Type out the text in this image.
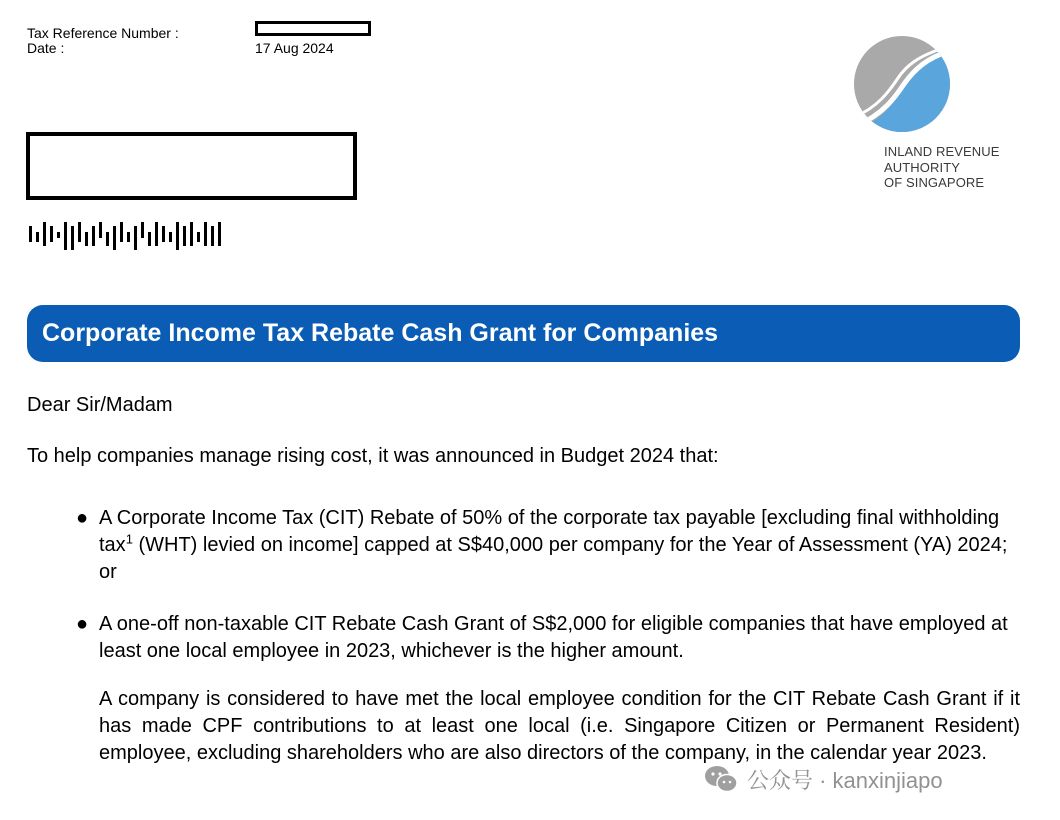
Tax Reference Number :
Date :	17 Aug 2024
INLAND REVENUE
AUTHORITY
OF SINGAPORE
Corporate Income Tax Rebate Cash Grant for Companies
Dear Sir/Madam
To help companies manage rising cost, it was announced in Budget 2024 that:
● A Corporate Income Tax (CIT) Rebate of 50% of the corporate tax payable [excluding final withholding tax$^1$ (WHT) levied on income] capped at S$40,000 per company for the Year of Assessment (YA) 2024; or
● A one-off non-taxable CIT Rebate Cash Grant of S$2,000 for eligible companies that have employed at least one local employee in 2023, whichever is the higher amount.
A company is considered to have met the local employee condition for the CIT Rebate Cash Grant if it has made CPF contributions to at least one local (i.e. Singapore Citizen or Permanent Resident) employee, excluding shareholders who are also directors of the company, in the calendar year 2023.
公众号 · kanxinjiapo
